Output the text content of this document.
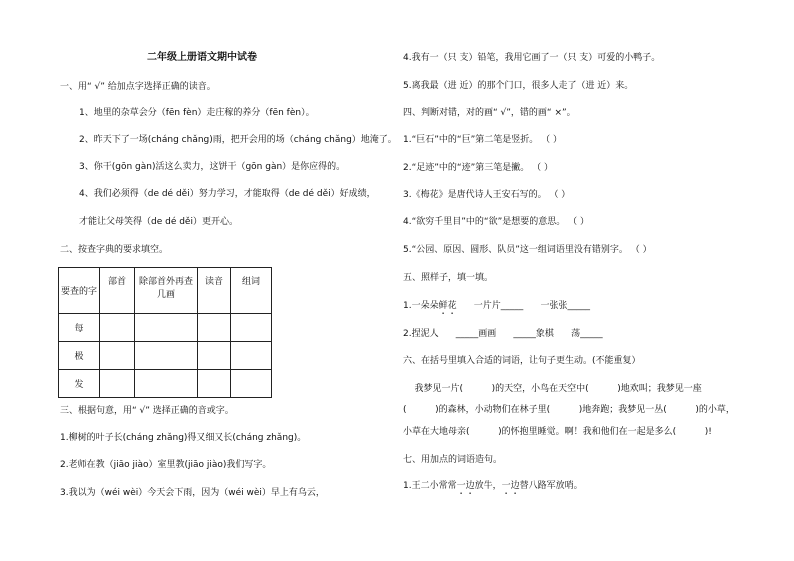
二年级上册语文期中试卷
一、用“ √” 给加点字选择正确的读音。
1、地里的杂草会分（fēn fèn）走庄稼的养分（fēn fèn）。
2、昨天下了一场(cháng chǎng)雨，把开会用的场（cháng chǎng）地淹了。
3、你干(gōn gàn)活这么卖力，这饼干（gōn gàn）是你应得的。
4、我们必须得（de dé děi）努力学习，才能取得（de dé děi）好成绩，
才能让父母笑得（de dé děi）更开心。
二、按查字典的要求填空。
要查的字	部首	除部首外再查几画	读音	组词
每				
极				
发				
三、根据句意，用“ √” 选择正确的音或字。
1.柳树的叶子长(cháng zhǎng)得又细又长(cháng zhǎng)。
2.老师在教（jiāo jiào）室里教(jiāo jiào)我们写字。
3.我以为（wéi wèi）今天会下雨，因为（wéi wèi）早上有乌云，
4.我有一（只 支）铅笔，我用它画了一（只 支）可爱的小鸭子。
5.离我最（进 近）的那个门口，很多人走了（进 近）来。
四、判断对错，对的画“ √”，错的画“ ×”。
1.“巨石”中的“巨”第二笔是竖折。 （ ）
2.“足迹”中的“迹”第三笔是撇。 （ ）
3.《梅花》是唐代诗人王安石写的。 （ ）
4.“欲穷千里目”中的“欲”是想要的意思。 （ ）
5.“公园、原因、圆形、队员”这一组词语里没有错别字。 （ ）
五、照样子，填一填。
1.一朵朵鲜花      一片片_____      一张张_____
2.捏泥人      _____画画      _____象棋      荡_____
六、在括号里填入合适的词语，让句子更生动。(不能重复）
我梦见一片(          )的天空，小鸟在天空中(          )地欢叫；我梦见一座
(          )的森林，小动物们在林子里(          )地奔跑；我梦见一丛(          )的小草，
小草在大地母亲(          )的怀抱里睡觉。啊！我和他们在一起是多么(          )!
七、用加点的词语造句。
1.王二小常常一边放牛，一边替八路军放哨。
